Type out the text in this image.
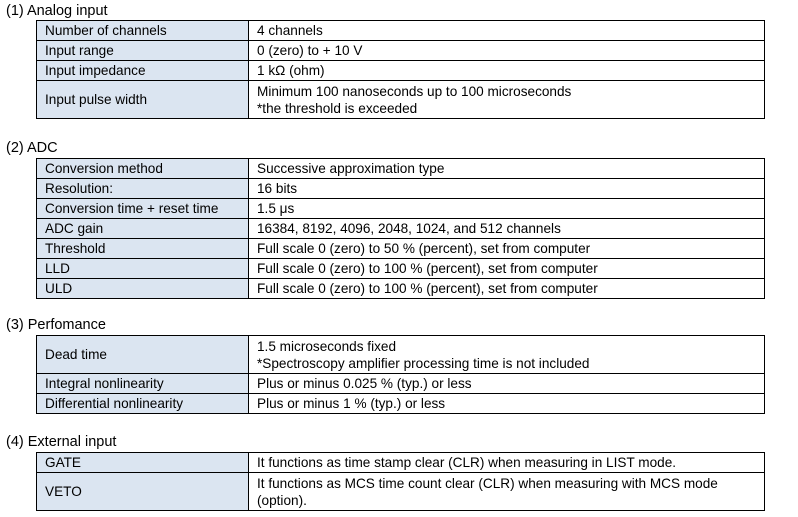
(1) Analog input
Number of channels	4 channels

Input range	0 (zero) to + 10 V

Input impedance	1 kΩ (ohm)

Input pulse width	Minimum 100 nanoseconds up to 100 microseconds
*the threshold is exceeded
(2) ADC
Conversion method	Successive approximation type

Resolution:	16 bits

Conversion time + reset time	1.5 μs

ADC gain	16384, 8192, 4096, 2048, 1024, and 512 channels

Threshold	Full scale 0 (zero) to 50 % (percent), set from computer

LLD	Full scale 0 (zero) to 100 % (percent), set from computer

ULD	Full scale 0 (zero) to 100 % (percent), set from computer
(3) Perfomance
Dead time	1.5 microseconds fixed
*Spectroscopy amplifier processing time is not included

Integral nonlinearity	Plus or minus 0.025 % (typ.) or less

Differential nonlinearity	Plus or minus 1 % (typ.) or less
(4) External input
GATE	It functions as time stamp clear (CLR) when measuring in LIST mode.

VETO	It functions as MCS time count clear (CLR) when measuring with MCS mode
(option).
